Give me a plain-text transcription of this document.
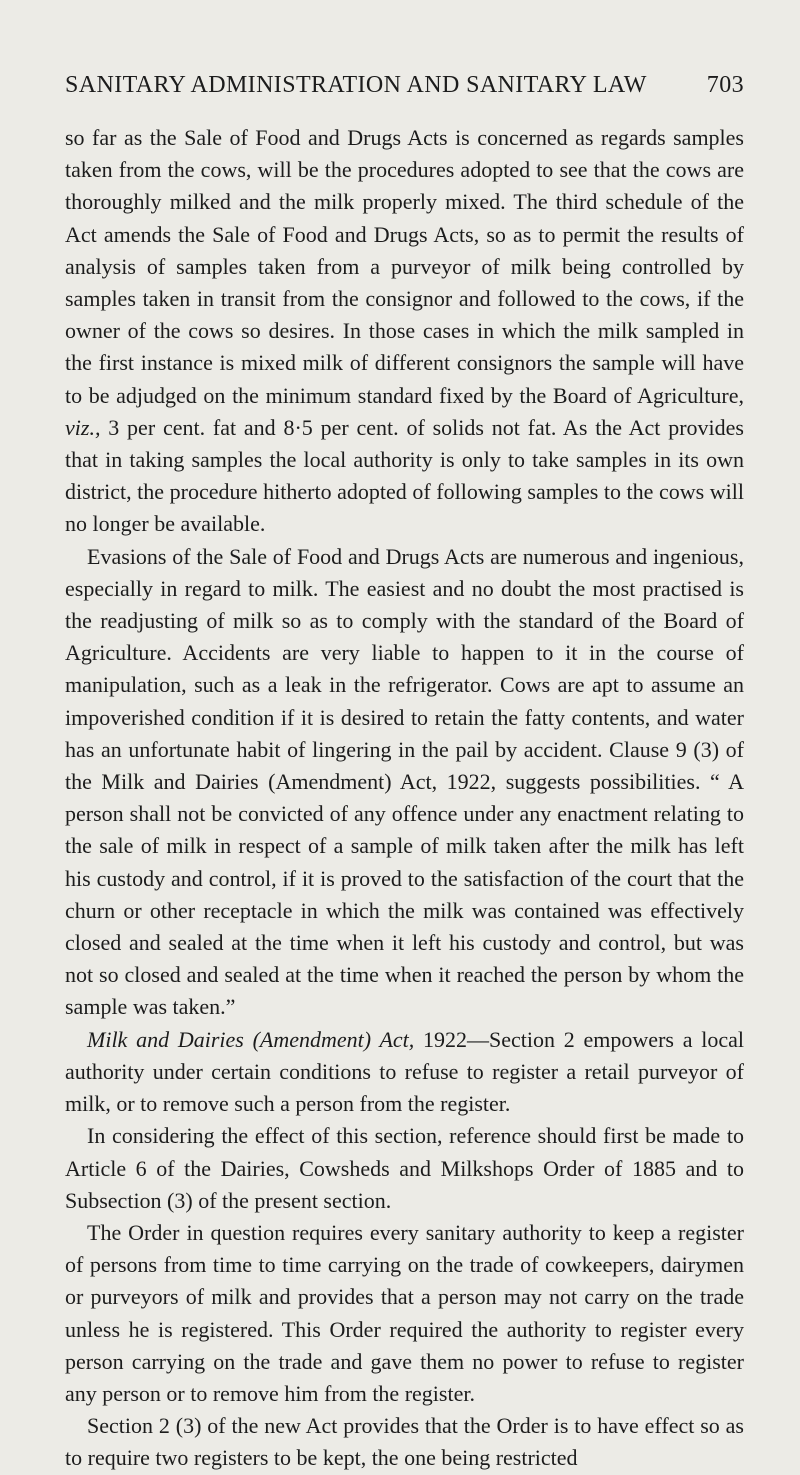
SANITARY ADMINISTRATION AND SANITARY LAW	703

so far as the Sale of Food and Drugs Acts is concerned as regards samples taken from the cows, will be the procedures adopted to see that the cows are thoroughly milked and the milk properly mixed. The third schedule of the Act amends the Sale of Food and Drugs Acts, so as to permit the results of analysis of samples taken from a purveyor of milk being controlled by samples taken in transit from the consignor and followed to the cows, if the owner of the cows so desires. In those cases in which the milk sampled in the first instance is mixed milk of different consignors the sample will have to be adjudged on the minimum standard fixed by the Board of Agriculture, viz., 3 per cent. fat and 8·5 per cent. of solids not fat. As the Act provides that in taking samples the local authority is only to take samples in its own district, the procedure hitherto adopted of following samples to the cows will no longer be available.

Evasions of the Sale of Food and Drugs Acts are numerous and ingenious, especially in regard to milk. The easiest and no doubt the most practised is the readjusting of milk so as to comply with the standard of the Board of Agriculture. Accidents are very liable to happen to it in the course of manipulation, such as a leak in the refrigerator. Cows are apt to assume an impoverished condition if it is desired to retain the fatty contents, and water has an unfortunate habit of lingering in the pail by accident. Clause 9 (3) of the Milk and Dairies (Amendment) Act, 1922, suggests possibilities. “ A person shall not be convicted of any offence under any enactment relating to the sale of milk in respect of a sample of milk taken after the milk has left his custody and control, if it is proved to the satisfaction of the court that the churn or other receptacle in which the milk was contained was effectively closed and sealed at the time when it left his custody and control, but was not so closed and sealed at the time when it reached the person by whom the sample was taken.”

Milk and Dairies (Amendment) Act, 1922—Section 2 empowers a local authority under certain conditions to refuse to register a retail purveyor of milk, or to remove such a person from the register.

In considering the effect of this section, reference should first be made to Article 6 of the Dairies, Cowsheds and Milkshops Order of 1885 and to Subsection (3) of the present section.

The Order in question requires every sanitary authority to keep a register of persons from time to time carrying on the trade of cowkeepers, dairymen or purveyors of milk and provides that a person may not carry on the trade unless he is registered. This Order required the authority to register every person carrying on the trade and gave them no power to refuse to register any person or to remove him from the register.

Section 2 (3) of the new Act provides that the Order is to have effect so as to require two registers to be kept, the one being restricted
